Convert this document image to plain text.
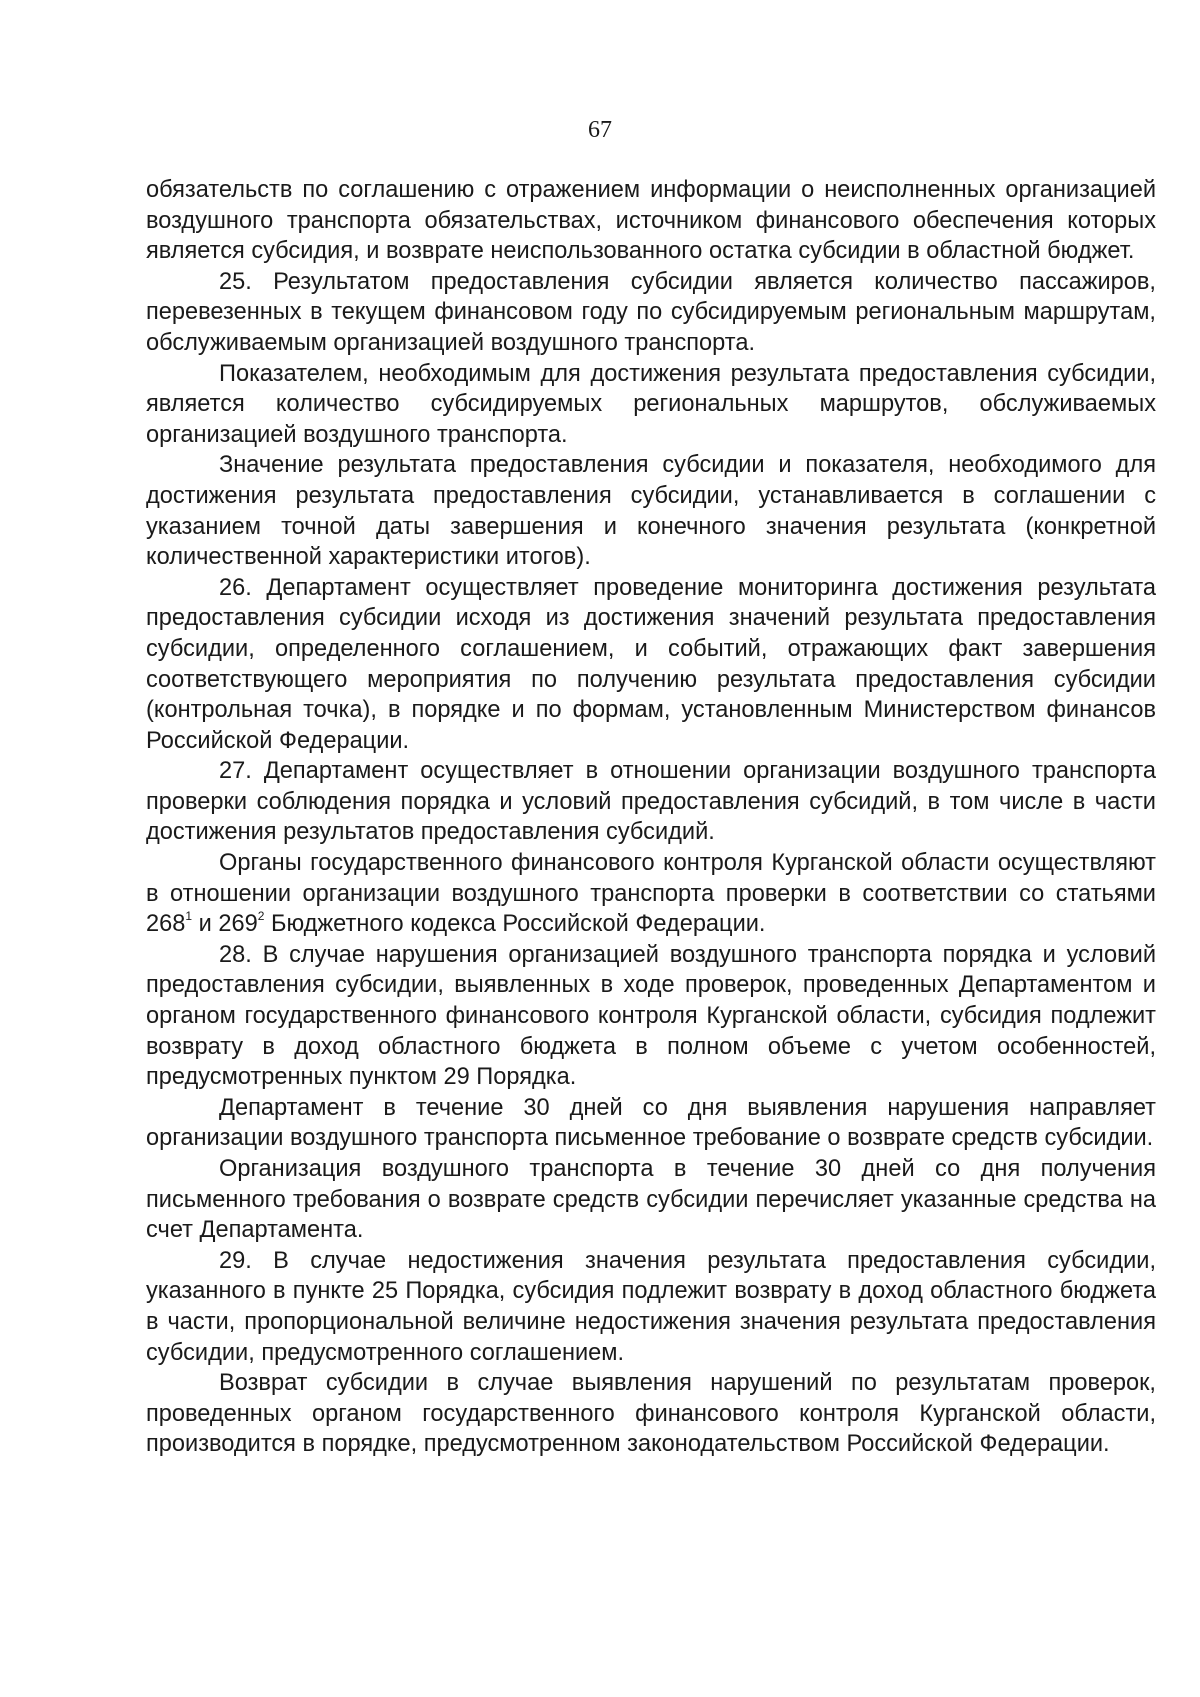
67

обязательств по соглашению с отражением информации о неисполненных организацией воздушного транспорта обязательствах, источником финансового обеспечения которых является субсидия, и возврате неиспользованного остатка субсидии в областной бюджет.

25. Результатом предоставления субсидии является количество пассажиров, перевезенных в текущем финансовом году по субсидируемым региональным маршрутам, обслуживаемым организацией воздушного транспорта.

Показателем, необходимым для достижения результата предоставления субсидии, является количество субсидируемых региональных маршрутов, обслуживаемых организацией воздушного транспорта.

Значение результата предоставления субсидии и показателя, необходимого для достижения результата предоставления субсидии, устанавливается в соглашении с указанием точной даты завершения и конечного значения результата (конкретной количественной характеристики итогов).

26. Департамент осуществляет проведение мониторинга достижения результата предоставления субсидии исходя из достижения значений результата предоставления субсидии, определенного соглашением, и событий, отражающих факт завершения соответствующего мероприятия по получению результата предоставления субсидии (контрольная точка), в порядке и по формам, установленным Министерством финансов Российской Федерации.

27. Департамент осуществляет в отношении организации воздушного транспорта проверки соблюдения порядка и условий предоставления субсидий, в том числе в части достижения результатов предоставления субсидий.

Органы государственного финансового контроля Курганской области осуществляют в отношении организации воздушного транспорта проверки в соответствии со статьями $268^1$ и $269^2$ Бюджетного кодекса Российской Федерации.

28. В случае нарушения организацией воздушного транспорта порядка и условий предоставления субсидии, выявленных в ходе проверок, проведенных Департаментом и органом государственного финансового контроля Курганской области, субсидия подлежит возврату в доход областного бюджета в полном объеме с учетом особенностей, предусмотренных пунктом 29 Порядка.

Департамент в течение 30 дней со дня выявления нарушения направляет организации воздушного транспорта письменное требование о возврате средств субсидии.

Организация воздушного транспорта в течение 30 дней со дня получения письменного требования о возврате средств субсидии перечисляет указанные средства на счет Департамента.

29. В случае недостижения значения результата предоставления субсидии, указанного в пункте 25 Порядка, субсидия подлежит возврату в доход областного бюджета в части, пропорциональной величине недостижения значения результата предоставления субсидии, предусмотренного соглашением.

Возврат субсидии в случае выявления нарушений по результатам проверок, проведенных органом государственного финансового контроля Курганской области, производится в порядке, предусмотренном законодательством Российской Федерации.
